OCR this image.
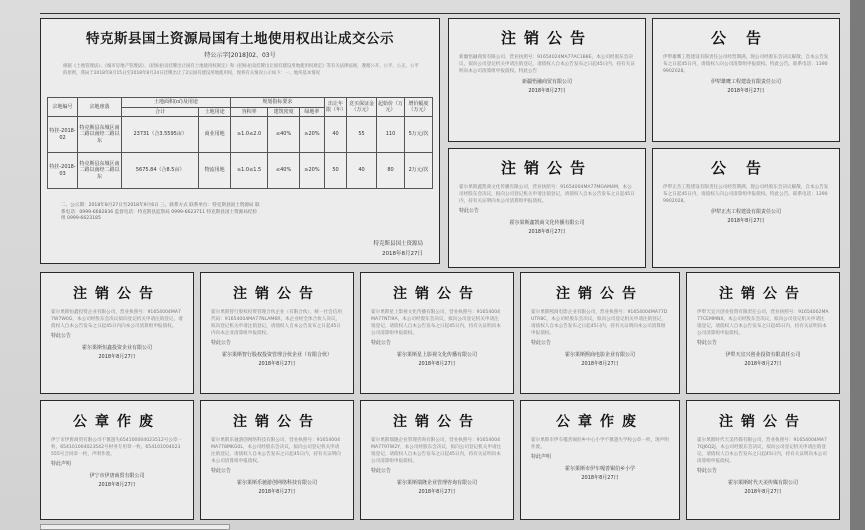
特克斯县国土资源局国有土地使用权出让成交公示
特公示字[2018]02、03号
根据《土地管理法》、《城市房地产管理法》、《招标拍卖挂牌出让国有土地使用权规定》和《招标拍卖挂牌出让国有建设用地使用权规定》等有关法律法规，遵循公开、公平、公正、公平的原则，我局于2018年8月15日至2018年8月24日挂牌出让了2宗国有建设用地使用权，现将有关情况公示如下：一、地块基本情况
宗地编号	宗地座落	土地面积(㎡)及用途		规划指标要求			出让年限（年）	竞买保证金（万元）	起始价（万元）	增价幅度（万元）
		合计	土地用途	容积率	建筑密度	绿地率				
特挂-2018-02	特克斯县东城区南二路以南经二路以东	23731（合3.5595亩）	商业用地	≥1.0≤2.0	≤40%	≥20%	40	55	110	5万元/次
特挂-2018-03	特克斯县东城区南二路以南经二路以东	5675.84（合8.5亩）	物流用地	≥1.0≤1.5	≤40%	≥20%	50	40	80	2万元/次
二、公示期：2018年8月27日至2018年9月6日 三、联系方式 联系单位：特克斯县国土资源局 联系电话：0999-6682836 监督电话：特克斯县监察局 0999-6623711 特克斯县国土资源局纪检组 0999-6623185
特克斯县国土资源局
2018年8月27日
注销公告
新疆悟融商贸有限公司，营业执照号：91654024MA77AC1B8E，本公司经股东会决议，拟向公司登记机关申请注销登记，请债权人自本公告发布之日起45日内，持有关证明向本公司清算组申报债权。特此公告
新疆悟融商贸有限公司
2018年8月27日
公告
伊犁雄鹰工程建设有限责任公司经营期满，现公司经股东会决议解散，自本公告发布之日起45日内，请债权人向公司清算组申报债权。特此公告。联系电话：13909902028。
伊犁雄鹰工程建设有限责任公司
2018年8月27日
注销公告
霍尔果斯鑫凯商文化传播有限公司，营业执照号：91654004MA77MGAM4M，本公司经股东会决议，拟向公司登记机关申请注销登记，请债权人自本公告发布之日起45日内，持有关证明向本公司清算组申报债权。
特此公告
霍尔果斯鑫凯商文化传播有限公司
2018年8月27日
公告
伊犁正杰工程建设有限责任公司经营期满，现公司经股东会决议解散，自本公告发布之日起45日内，请债权人向公司清算组申报债权。特此公告。联系电话：13909902028。
伊犁正杰工程建设有限责任公司
2018年8月27日
注销公告
霍尔果斯恒鑫投资企业有限公司，营业执照号：91654004MA77W7W0G，本公司经股东会决议拟向登记机关申请注销登记，请债权人自本公告发布之日起45日内向本公司清算组申报债权。
特此公告
霍尔果斯恒鑫投资企业有限公司
2018年8月27日
注销公告
霍尔果斯智行股权投资管理合伙企业（有限合伙），统一社会信用代码：91654004MA77NLAM6R，本企业经全体合伙人决议，拟向登记机关申请注销登记，请债权人自本公告发布之日起45日内向本企业清算组申报债权。
特此公告
霍尔果斯智行股权投资管理合伙企业（有限合伙）
2018年8月27日
注销公告
霍尔果斯星上影视文化传播有限公司，营业执照号：91654004MA77NTI9A，本公司经股东会决议，拟向公司登记机关申请注销登记，请债权人自本公告发布之日起45日内，持有关证明向本公司清算组申报债权。
特此公告
霍尔果斯星上影视文化传播有限公司
2018年8月27日
注销公告
霍尔果斯熙商电影企业有限公司，营业执照号：91654004MA77DUTR8C，本公司经股东会决议，拟向公司登记机关申请注销登记，请债权人自本公告发布之日起45日内，持有关证明向本公司清算组申报债权。
特此公告
霍尔果斯熙商电影企业有限公司
2018年8月27日
注销公告
伊犁天宜兴创业投资有限责任公司，营业执照号：91654002MA77CEMMNX，本公司经股东会决议，拟向公司登记机关申请注销登记，请债权人自本公告发布之日起45日内，持有关证明向本公司清算组申报债权。
特此公告
伊犁天宜兴创业投资有限责任公司
2018年8月27日
公章作废
伊宁市伊唐商贸有限公司不慎遗失654100004023512号公章一枚、654101004023542号财务专用章一枚、654101004023555号合同章一枚，声明作废。
特此声明
伊宁市伊唐商贸有限公司
2018年8月27日
注销公告
霍尔果斯乐驰游创网络科技有限公司，营业执照号：91654004MA778MKG0L，本公司经股东会决议，拟向公司登记机关申请注销登记，请债权人自本公告发布之日起45日内，持有关证明向本公司清算组申报债权。
特此公告
霍尔果斯乐驰游创网络科技有限公司
2018年8月27日
注销公告
霍尔果斯瑞隆企业管理咨询有限公司，营业执照号：91654004MA7797W2Y，本公司经股东会决议，拟向公司登记机关申请注销登记，请债权人自本公告发布之日起45日内，持有关证明向本公司清算组申报债权。
特此公告
霍尔果斯瑞隆企业管理咨询有限公司
2018年8月27日
公章作废
霍尔果斯市伊车嘎善锡伯乡中心小学不慎遗失学校公章一枚，现声明作废。
特此声明
霍尔果斯市伊车嘎善锡伯乡小学
2018年8月27日
注销公告
霍尔果斯时代天美传媒有限公司，营业执照号：91654004MA77QJ6Q2J，本公司经股东会决议，拟向公司登记机关申请注销登记，请债权人自本公告发布之日起45日内，持有关证明向本公司清算组申报债权。
特此公告
霍尔果斯时代天美传媒有限公司
2018年8月27日
